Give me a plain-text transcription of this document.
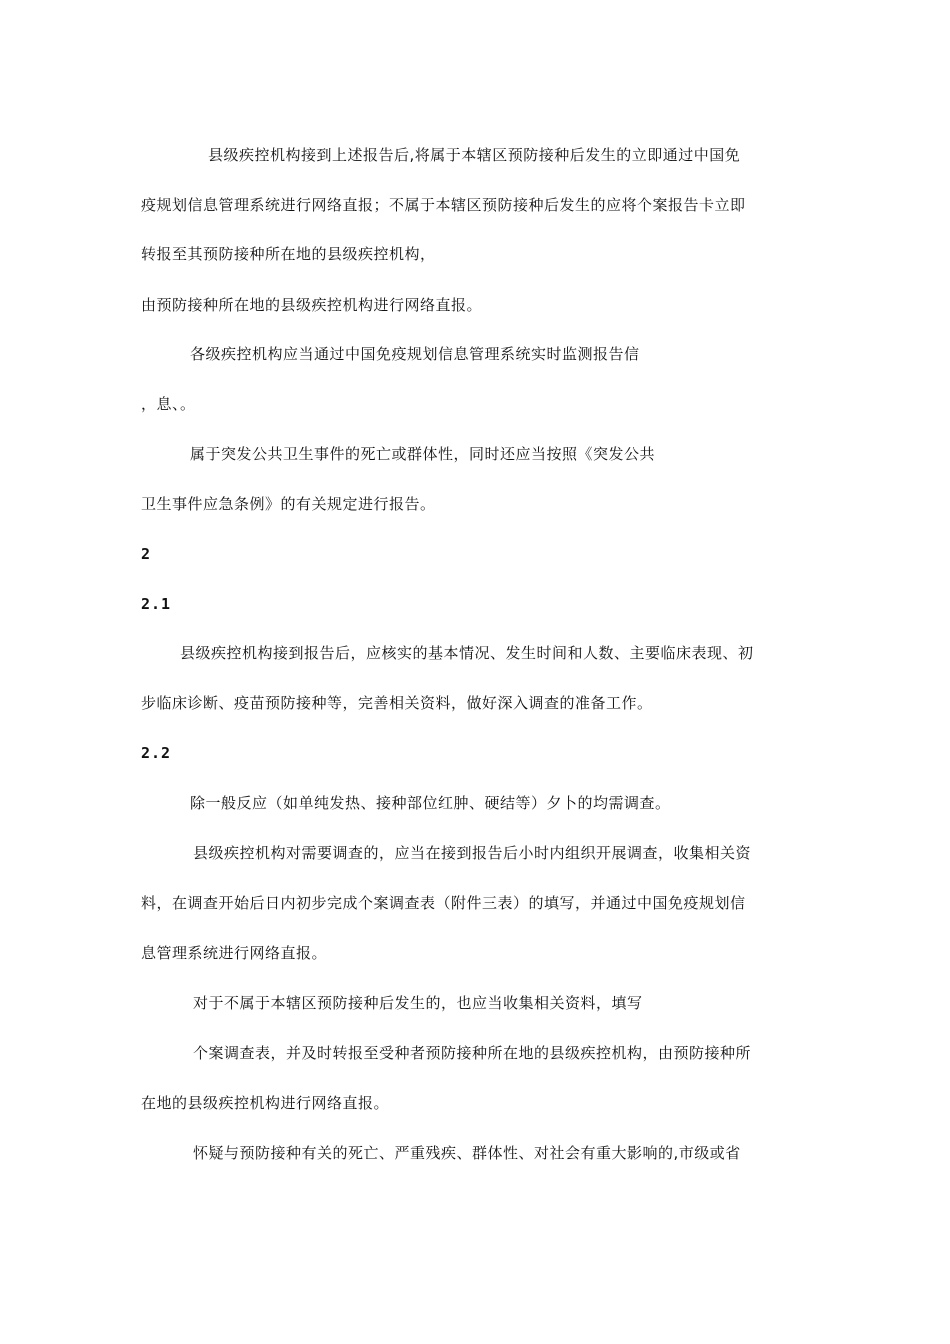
县级疾控机构接到上述报告后,将属于本辖区预防接种后发生的立即通过中国免
疫规划信息管理系统进行网络直报；不属于本辖区预防接种后发生的应将个案报告卡立即
转报至其预防接种所在地的县级疾控机构，
由预防接种所在地的县级疾控机构进行网络直报。
各级疾控机构应当通过中国免疫规划信息管理系统实时监测报告信
，息、。
属于突发公共卫生事件的死亡或群体性，同时还应当按照《突发公共
卫生事件应急条例》的有关规定进行报告。
2
2.1
县级疾控机构接到报告后，应核实的基本情况、发生时间和人数、主要临床表现、初
步临床诊断、疫苗预防接种等，完善相关资料，做好深入调查的准备工作。
2.2
除一般反应（如单纯发热、接种部位红肿、硬结等）夕卜的均需调查。
县级疾控机构对需要调查的，应当在接到报告后小时内组织开展调查，收集相关资
料，在调查开始后日内初步完成个案调查表（附件三表）的填写，并通过中国免疫规划信
息管理系统进行网络直报。
对于不属于本辖区预防接种后发生的，也应当收集相关资料，填写
个案调查表，并及时转报至受种者预防接种所在地的县级疾控机构，由预防接种所
在地的县级疾控机构进行网络直报。
怀疑与预防接种有关的死亡、严重残疾、群体性、对社会有重大影响的,市级或省
